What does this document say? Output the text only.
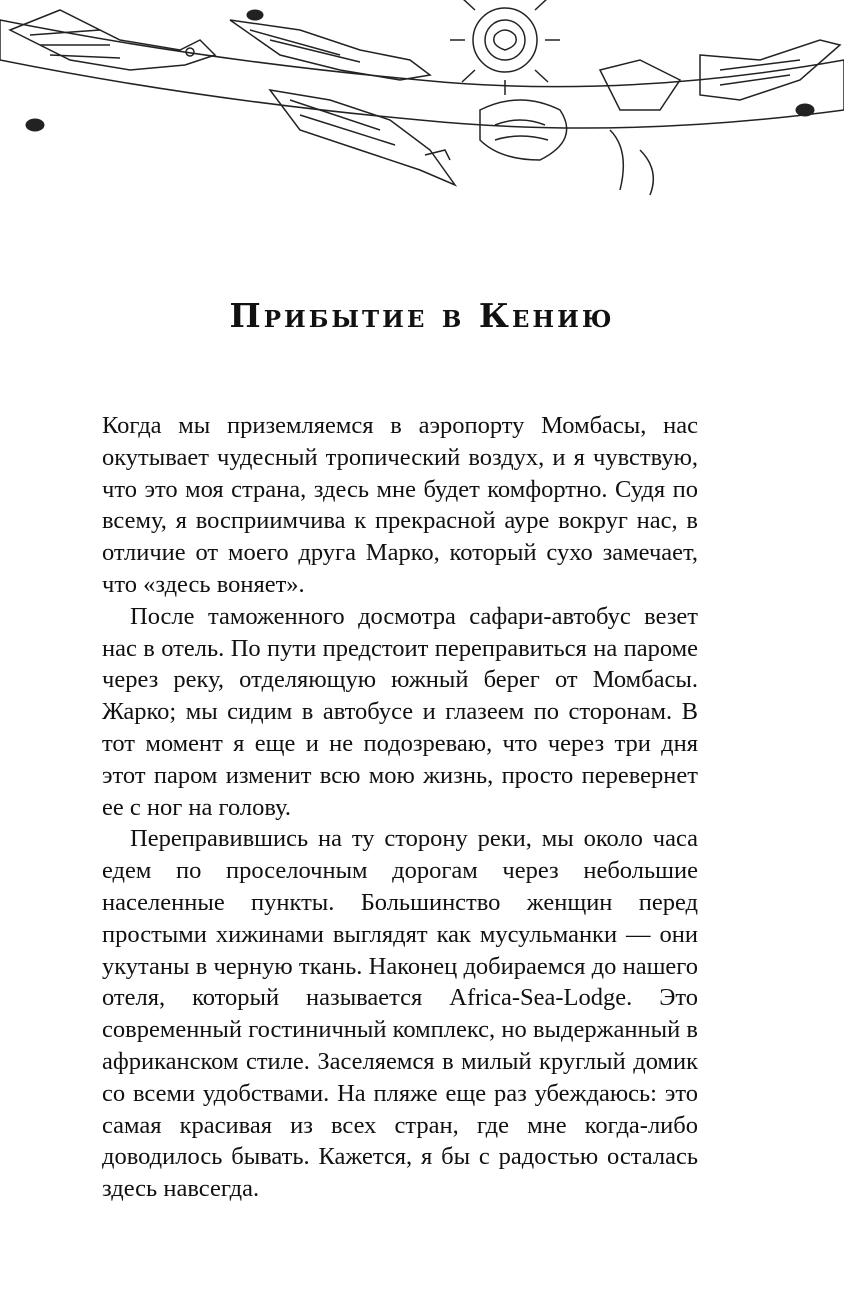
Прибытие в Кению

Когда мы приземляемся в аэропорту Момбасы, нас окутывает чудесный тропический воздух, и я чувствую, что это моя страна, здесь мне будет комфортно. Судя по всему, я восприимчива к прекрасной ауре вокруг нас, в отличие от моего друга Марко, который сухо замечает, что «здесь воняет».

После таможенного досмотра сафари-автобус везет нас в отель. По пути предстоит переправиться на пароме через реку, отделяющую южный берег от Момбасы. Жарко; мы сидим в автобусе и глазеем по сторонам. В тот момент я еще и не подозреваю, что через три дня этот паром изменит всю мою жизнь, просто перевернет ее с ног на голову.

Переправившись на ту сторону реки, мы около часа едем по проселочным дорогам через небольшие населенные пункты. Большинство женщин перед простыми хижинами выглядят как мусульманки — они укутаны в черную ткань. Наконец добираемся до нашего отеля, который называется Africa-Sea-Lodge. Это современный гостиничный комплекс, но выдержанный в африканском стиле. Заселяемся в милый круглый домик со всеми удобствами. На пляже еще раз убеждаюсь: это самая красивая из всех стран, где мне когда-либо доводилось бывать. Кажется, я бы с радостью осталась здесь навсегда.
